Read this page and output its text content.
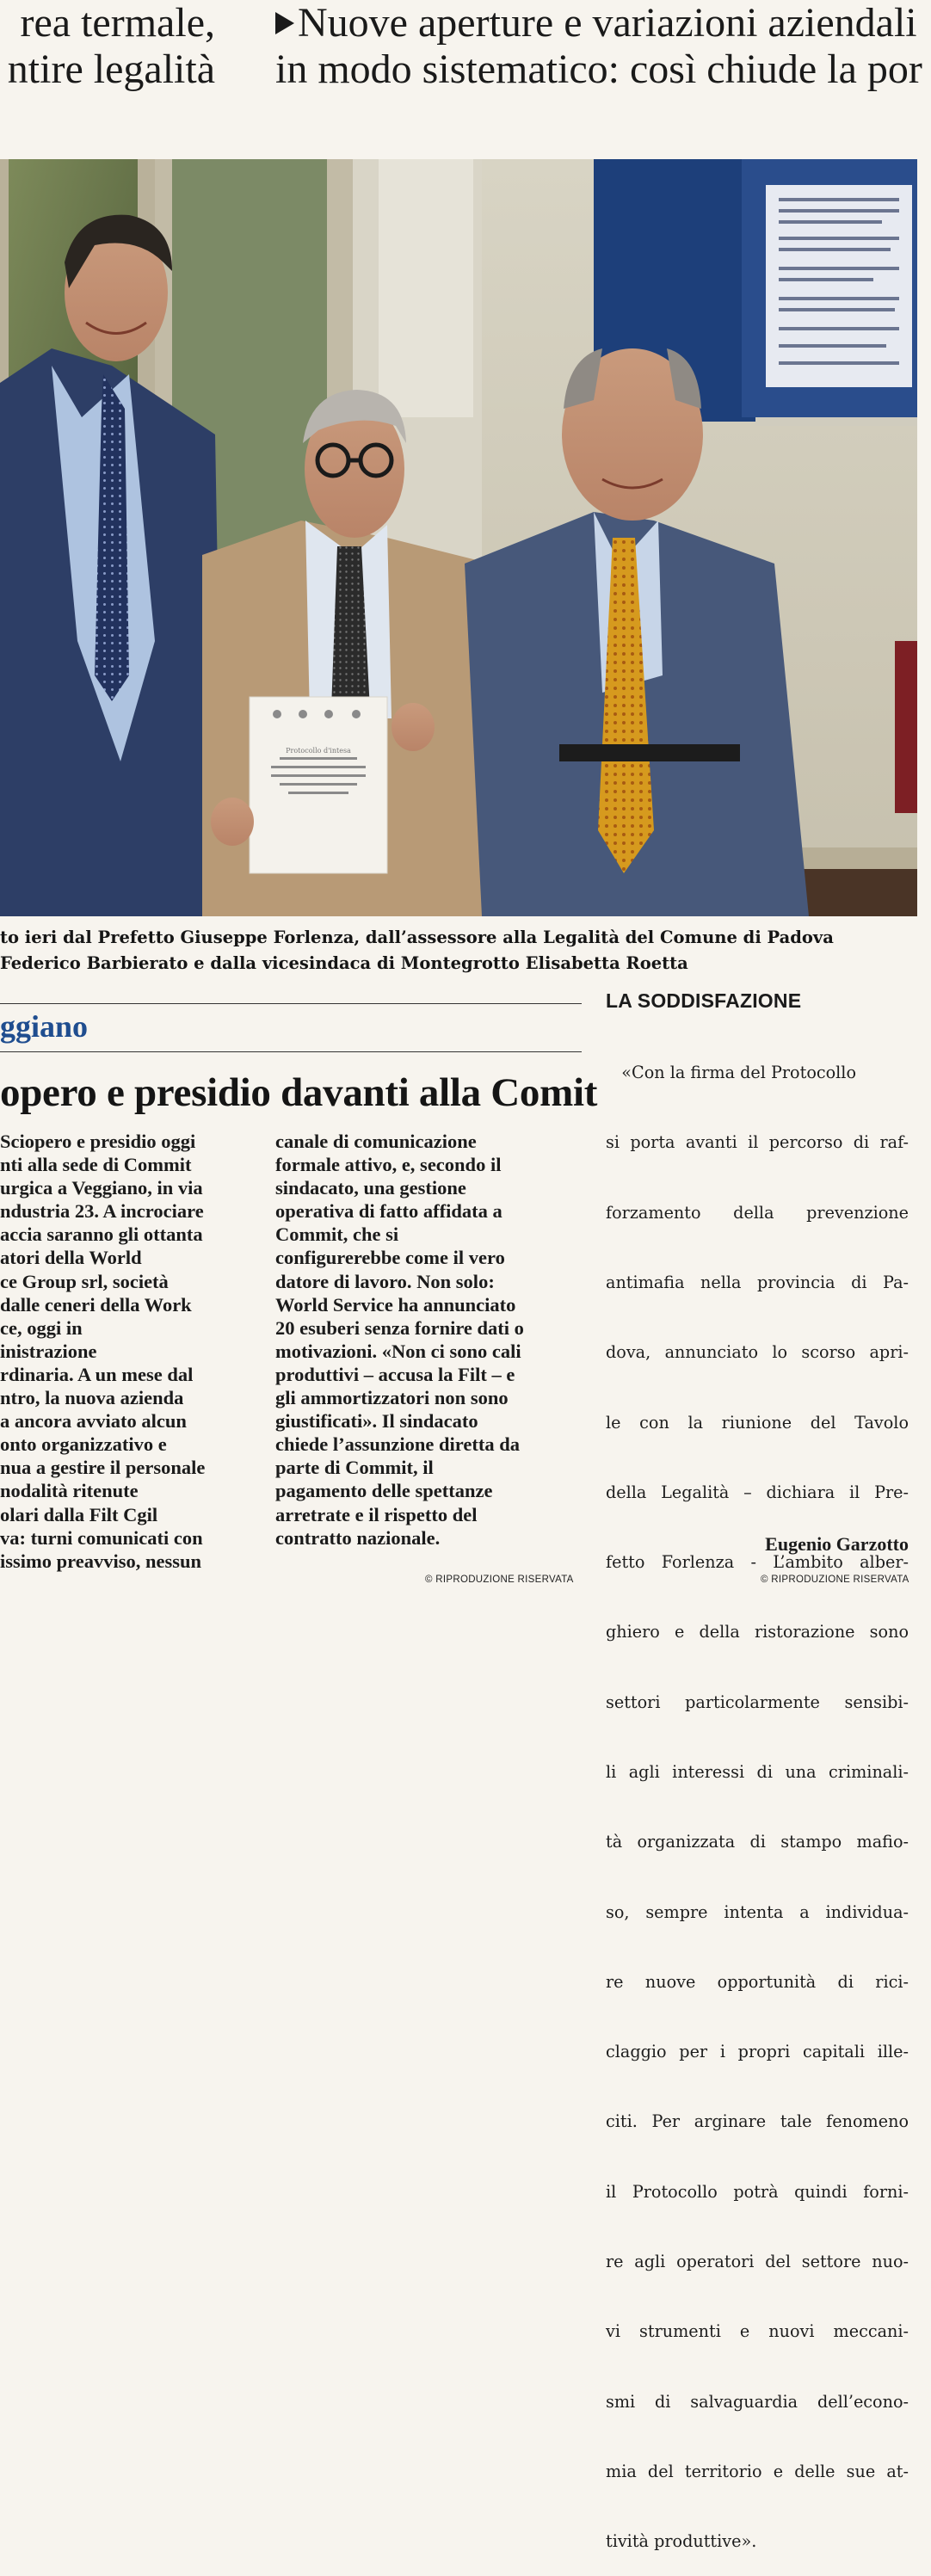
rea termale,
ntire legalità
Nuove aperture e variazioni aziendali
in modo sistematico: così chiude la por
Protocollo d'intesa
to ieri dal Prefetto Giuseppe Forlenza, dall’assessore alla Legalità del Comune di Padova
Federico Barbierato e dalla vicesindaca di Montegrotto Elisabetta Roetta
ggiano
opero e presidio davanti alla Comit
Sciopero e presidio oggi
nti alla sede di Commit
urgica a Veggiano, in via
ndustria 23. A incrociare
accia saranno gli ottanta
atori della World
ce Group srl, società
dalle ceneri della Work
ce, oggi in
inistrazione
rdinaria. A un mese dal
ntro, la nuova azienda
a ancora avviato alcun
onto organizzativo e
nua a gestire il personale
nodalità ritenute
olari dalla Filt Cgil
va: turni comunicati con
issimo preavviso, nessun
canale di comunicazione
formale attivo, e, secondo il
sindacato, una gestione
operativa di fatto affidata a
Commit, che si
configurerebbe come il vero
datore di lavoro. Non solo:
World Service ha annunciato
20 esuberi senza fornire dati o
motivazioni. «Non ci sono cali
produttivi – accusa la Filt – e
gli ammortizzatori non sono
giustificati». Il sindacato
chiede l’assunzione diretta da
parte di Commit, il
pagamento delle spettanze
arretrate e il rispetto del
contratto nazionale.
© RIPRODUZIONE RISERVATA
LA SODDISFAZIONE

«Con la firma del Protocollo

si porta avanti il percorso di raf-

forzamento della prevenzione

antimafia nella provincia di Pa-

dova, annunciato lo scorso apri-

le con la riunione del Tavolo

della Legalità – dichiara il Pre-

fetto Forlenza - L’ambito alber-

ghiero e della ristorazione sono

settori particolarmente sensibi-

li agli interessi di una criminali-

tà organizzata di stampo mafio-

so, sempre intenta a individua-

re nuove opportunità di rici-

claggio per i propri capitali ille-

citi. Per arginare tale fenomeno

il Protocollo potrà quindi forni-

re agli operatori del settore nuo-

vi strumenti e nuovi meccani-

smi di salvaguardia dell’econo-

mia del territorio e delle sue at-

tività produttive».

Eugenio Garzotto
© RIPRODUZIONE RISERVATA
